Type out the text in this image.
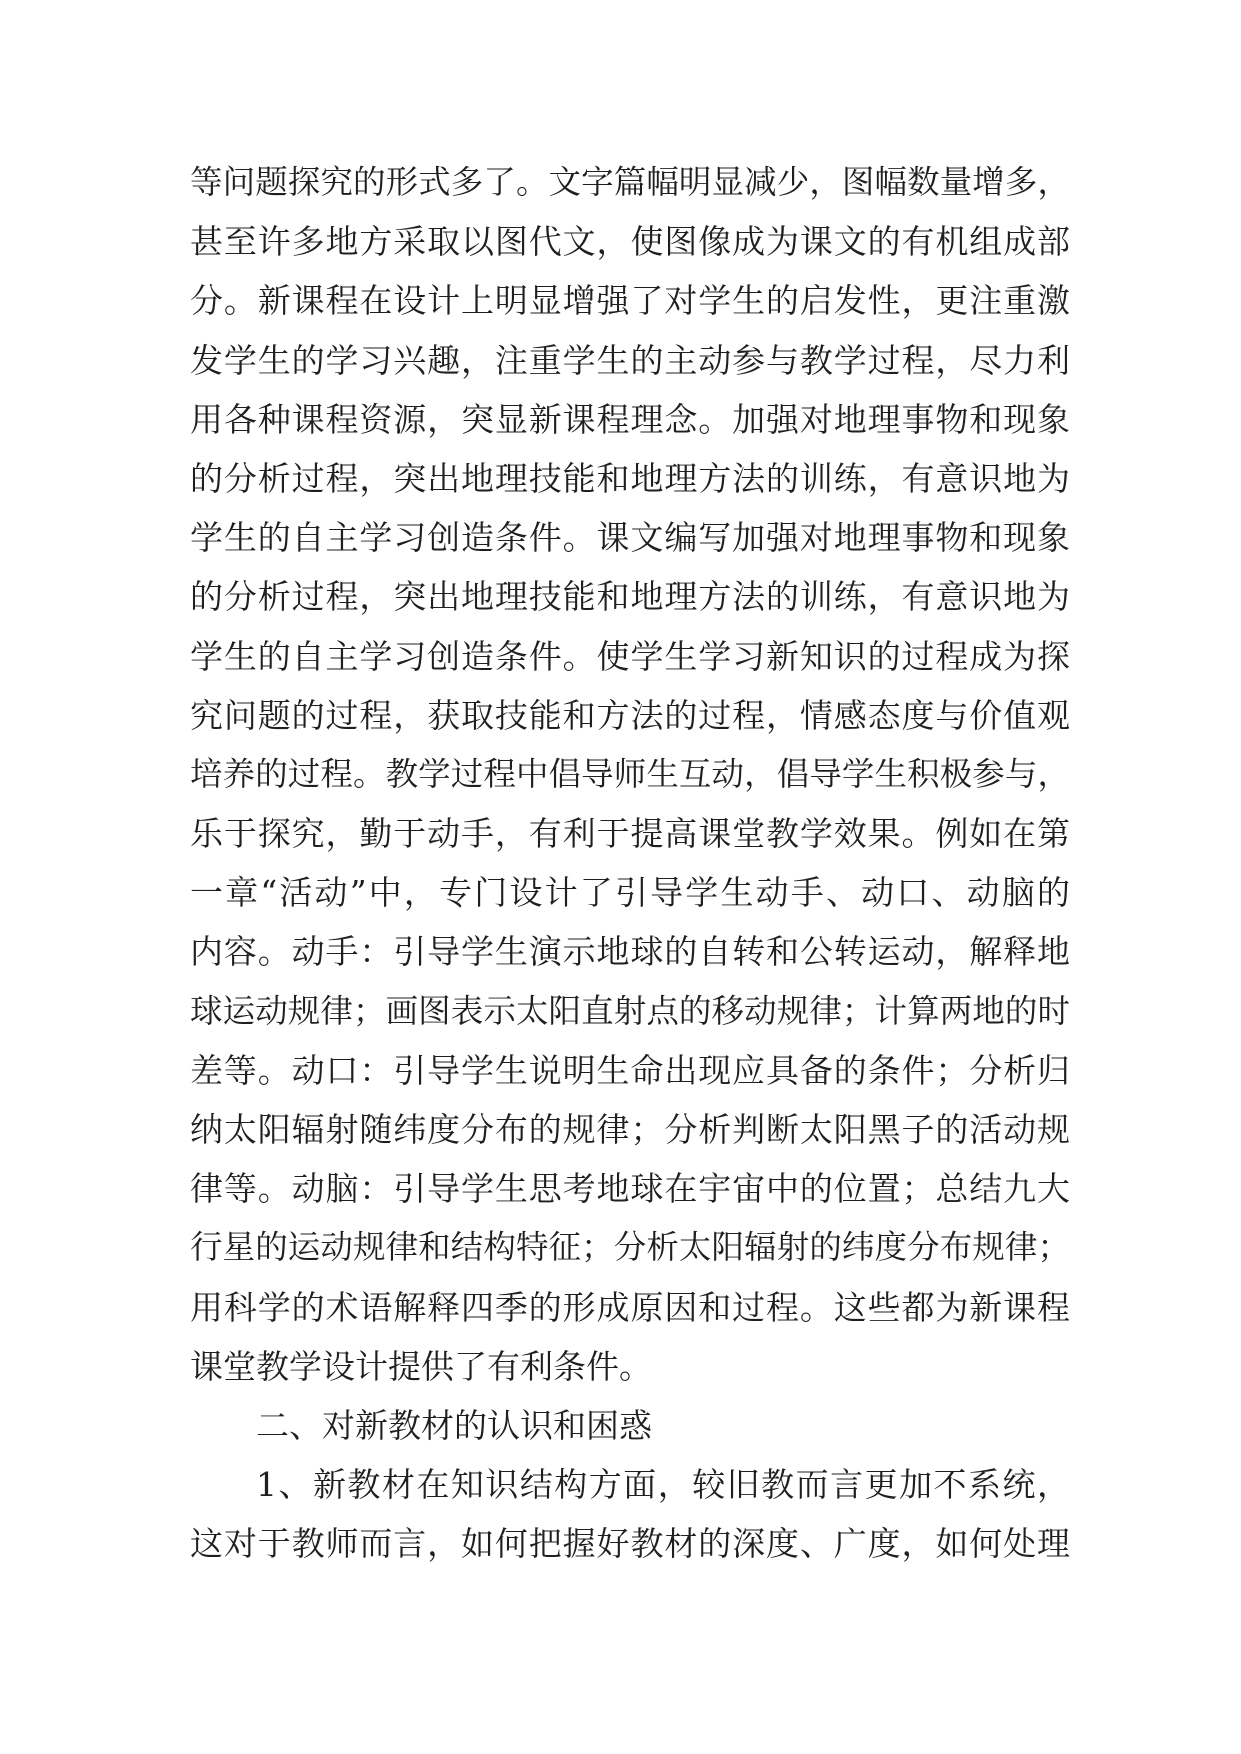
等问题探究的形式多了。文字篇幅明显减少，图幅数量增多，
甚至许多地方采取以图代文，使图像成为课文的有机组成部
分。新课程在设计上明显增强了对学生的启发性，更注重激
发学生的学习兴趣，注重学生的主动参与教学过程，尽力利
用各种课程资源，突显新课程理念。加强对地理事物和现象
的分析过程，突出地理技能和地理方法的训练，有意识地为
学生的自主学习创造条件。课文编写加强对地理事物和现象
的分析过程，突出地理技能和地理方法的训练，有意识地为
学生的自主学习创造条件。使学生学习新知识的过程成为探
究问题的过程，获取技能和方法的过程，情感态度与价值观
培养的过程。教学过程中倡导师生互动，倡导学生积极参与，
乐于探究，勤于动手，有利于提高课堂教学效果。例如在第
一章“活动”中，专门设计了引导学生动手、动口、动脑的
内容。动手：引导学生演示地球的自转和公转运动，解释地
球运动规律；画图表示太阳直射点的移动规律；计算两地的时
差等。动口：引导学生说明生命出现应具备的条件；分析归
纳太阳辐射随纬度分布的规律；分析判断太阳黑子的活动规
律等。动脑：引导学生思考地球在宇宙中的位置；总结九大
行星的运动规律和结构特征；分析太阳辐射的纬度分布规律；
用科学的术语解释四季的形成原因和过程。这些都为新课程
课堂教学设计提供了有利条件。
二、对新教材的认识和困惑
1、新教材在知识结构方面，较旧教而言更加不系统，
这对于教师而言，如何把握好教材的深度、广度，如何处理
